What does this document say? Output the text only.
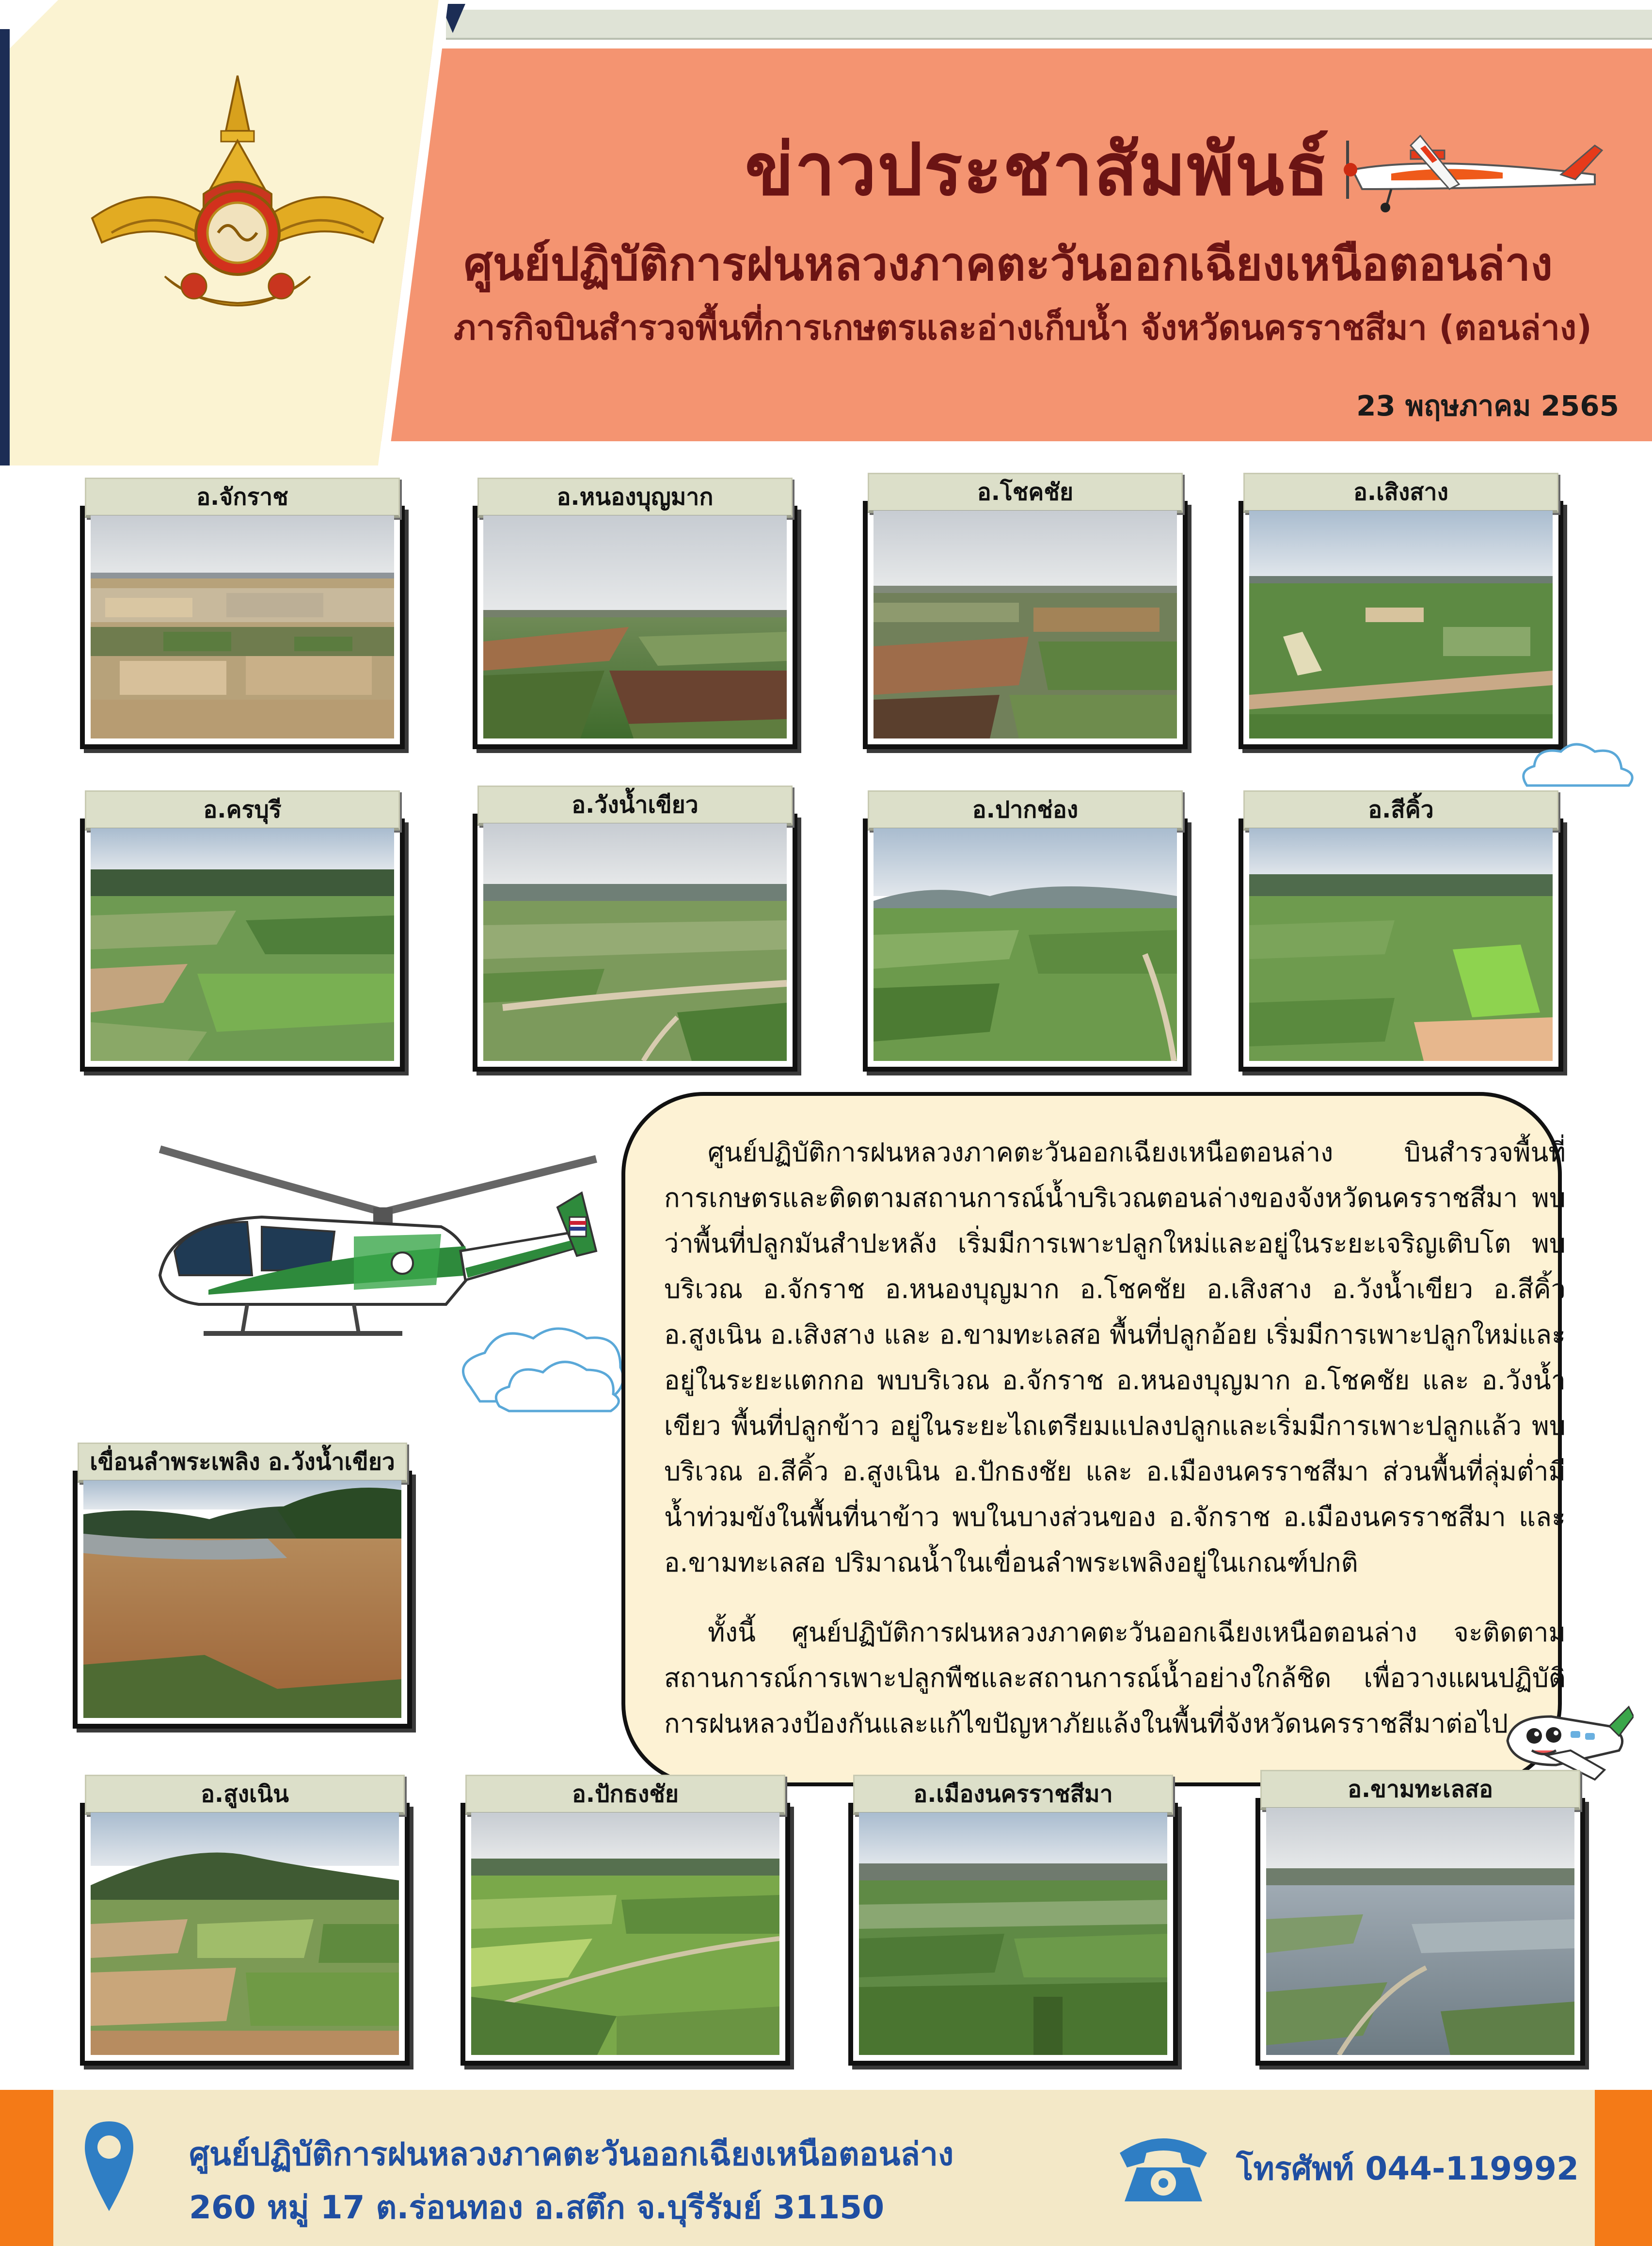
ข่าวประชาสัมพันธ์
ศูนย์ปฏิบัติการฝนหลวงภาคตะวันออกเฉียงเหนือตอนล่าง
ภารกิจบินสำรวจพื้นที่การเกษตรและอ่างเก็บน้ำ จังหวัดนครราชสีมา (ตอนล่าง)
23 พฤษภาคม 2565
อ.จักราช	อ.หนองบุญมาก	อ.โชคชัย	อ.เสิงสาง
อ.ครบุรี	อ.วังน้ำเขียว	อ.ปากช่อง	อ.สีคิ้ว
ศูนย์ปฏิบัติการฝนหลวงภาคตะวันออกเฉียงเหนือตอนล่าง บินสำรวจพื้นที่การเกษตรและติดตามสถานการณ์น้ำบริเวณตอนล่างของจังหวัดนครราชสีมา พบว่าพื้นที่ปลูกมันสำปะหลัง เริ่มมีการเพาะปลูกใหม่และอยู่ในระยะเจริญเติบโต พบบริเวณ อ.จักราช อ.หนองบุญมาก อ.โชคชัย อ.เสิงสาง อ.วังน้ำเขียว อ.สีคิ้ว อ.สูงเนิน อ.เสิงสาง และ อ.ขามทะเลสอ พื้นที่ปลูกอ้อย เริ่มมีการเพาะปลูกใหม่และอยู่ในระยะแตกกอ พบบริเวณ อ.จักราช อ.หนองบุญมาก อ.โชคชัย และ อ.วังน้ำเขียว พื้นที่ปลูกข้าว อยู่ในระยะไถเตรียมแปลงปลูกและเริ่มมีการเพาะปลูกแล้ว พบบริเวณ อ.สีคิ้ว อ.สูงเนิน อ.ปักธงชัย และ อ.เมืองนครราชสีมา ส่วนพื้นที่ลุ่มต่ำมีน้ำท่วมขังในพื้นที่นาข้าว พบในบางส่วนของ อ.จักราช อ.เมืองนครราชสีมา และ อ.ขามทะเลสอ ปริมาณน้ำในเขื่อนลำพระเพลิงอยู่ในเกณฑ์ปกติ
ทั้งนี้ ศูนย์ปฏิบัติการฝนหลวงภาคตะวันออกเฉียงเหนือตอนล่าง จะติดตามสถานการณ์การเพาะปลูกพืชและสถานการณ์น้ำอย่างใกล้ชิด เพื่อวางแผนปฏิบัติการฝนหลวงป้องกันและแก้ไขปัญหาภัยแล้งในพื้นที่จังหวัดนครราชสีมาต่อไป
เขื่อนลำพระเพลิง อ.วังน้ำเขียว
อ.สูงเนิน	อ.ปักธงชัย	อ.เมืองนครราชสีมา	อ.ขามทะเลสอ
ศูนย์ปฏิบัติการฝนหลวงภาคตะวันออกเฉียงเหนือตอนล่าง
260 หมู่ 17 ต.ร่อนทอง อ.สตึก จ.บุรีรัมย์ 31150
โทรศัพท์ 044-119992
